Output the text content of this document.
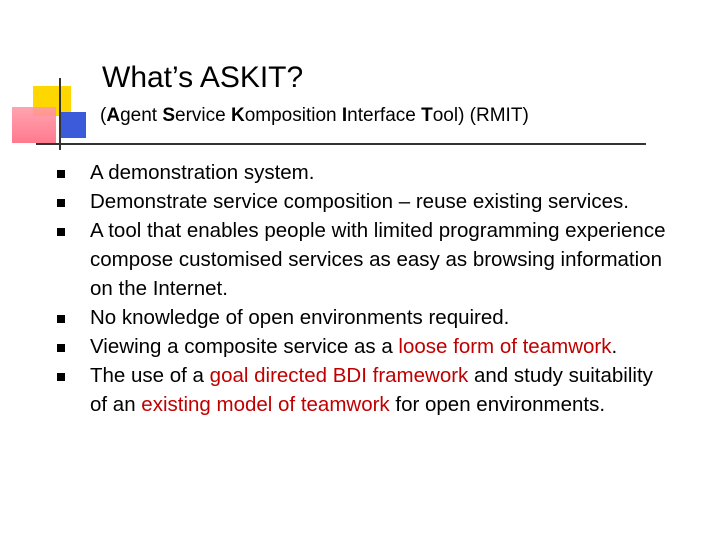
What’s ASKIT?
(Agent Service Komposition Interface Tool) (RMIT)
A demonstration system.
Demonstrate service composition – reuse existing services.
A tool that enables people with limited programming experience compose customised services as easy as browsing information on the Internet.
No knowledge of open environments required.
Viewing a composite service as a loose form of teamwork.
The use of a goal directed BDI framework and study suitability of an existing model of teamwork for open environments.
